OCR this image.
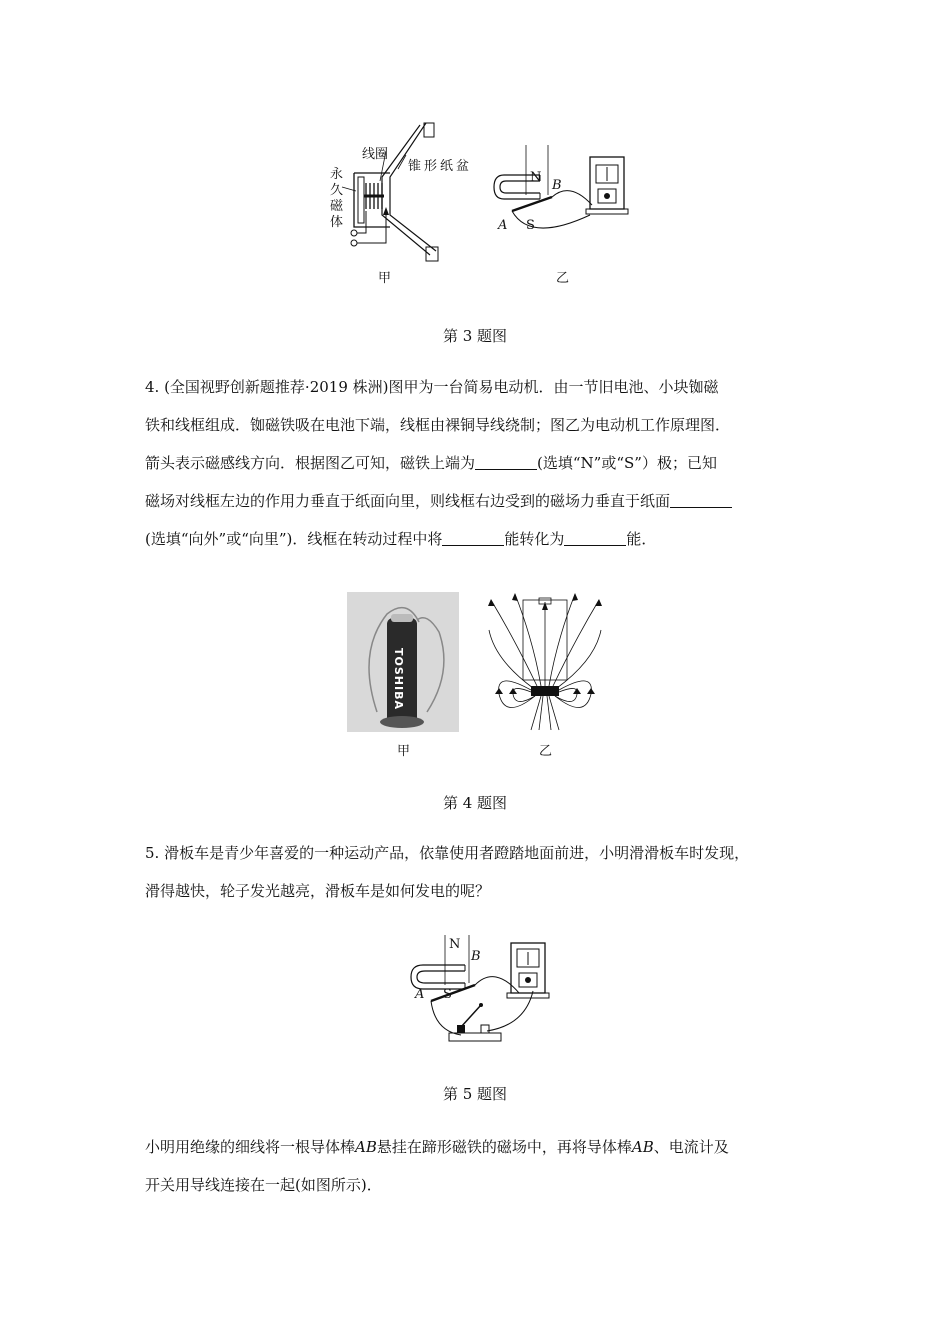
线圈
锥形纸盆
永
久
磁
体
甲
N
B
A S
乙
第 3 题图

4. (全国视野创新题推荐·2019 株洲)图甲为一台简易电动机．由一节旧电池、小块铷磁

铁和线框组成．铷磁铁吸在电池下端，线框由裸铜导线绕制；图乙为电动机工作原理图．

箭头表示磁感线方向．根据图乙可知，磁铁上端为	(选填“N”或“S”）极；已知

磁场对线框左边的作用力垂直于纸面向里，则线框右边受到的磁场力垂直于纸面

(选填“向外”或“向里”)．线框在转动过程中将	能转化为	能．

TOSHIBA
甲	乙
第 4 题图

5. 滑板车是青少年喜爱的一种运动产品，依靠使用者蹬踏地面前进，小明滑滑板车时发现，

滑得越快，轮子发光越亮，滑板车是如何发电的呢？

N
B
A S
第 5 题图

小明用绝缘的细线将一根导体棒AB悬挂在蹄形磁铁的磁场中，再将导体棒AB、电流计及

开关用导线连接在一起(如图所示)．
